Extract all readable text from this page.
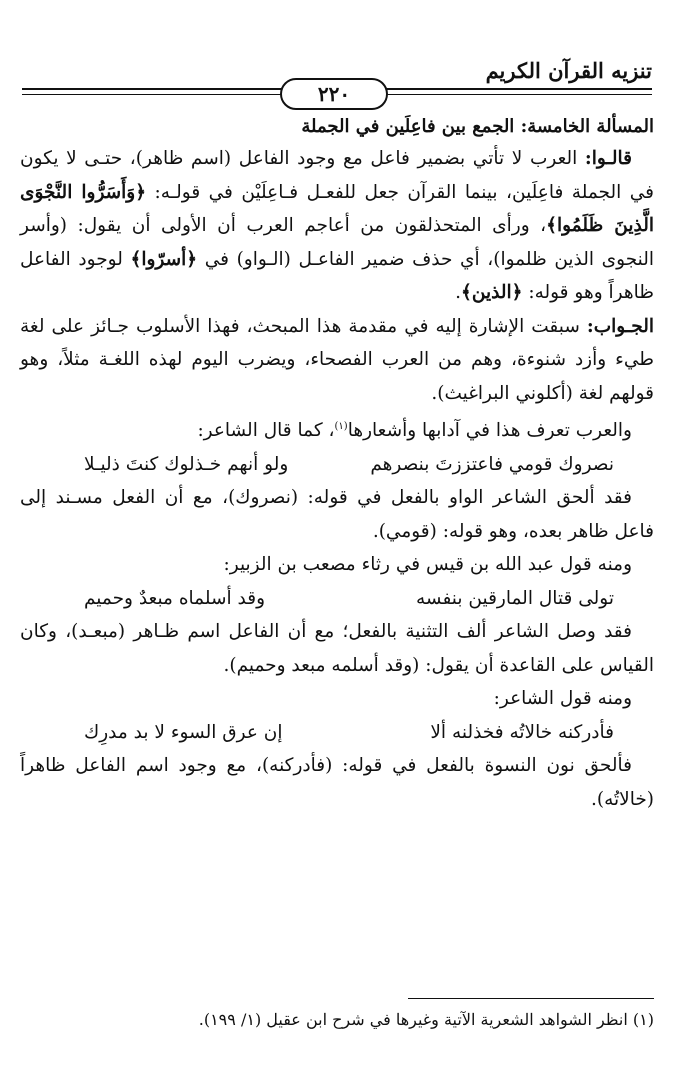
تنزيه القرآن الكريم
٢٢٠

المسألة الخامسة: الجمع بين فاعِلَين في الجملة

قالـوا: العرب لا تأتي بضمير فاعل مع وجود الفاعل (اسم ظاهر)، حتـى لا يكون في الجملة فاعِلَين، بينما القرآن جعل للفعـل فـاعِلَيْن في قولـه: ﴿وَأَسَرُّوا النَّجْوَى الَّذِينَ ظَلَمُوا﴾، ورأى المتحذلقون من أعاجم العرب أن الأولى أن يقول: (وأسر النجوى الذين ظلموا)، أي حذف ضمير الفاعـل (الـواو) في ﴿أسرّوا﴾ لوجود الفاعل ظاهراً وهو قوله: ﴿الذين﴾.

الجـواب: سبقت الإشارة إليه في مقدمة هذا المبحث، فهذا الأسلوب جـائز على لغة طيء وأزد شنوءة، وهم من العرب الفصحاء، ويضرب اليوم لهذه اللغـة مثلاً، وهو قولهم لغة (أكلوني البراغيث).

والعرب تعرف هذا في آدابها وأشعارها$^{(١)}$، كما قال الشاعر:

نصروك قومي فاعتززتَ بنصرهم
ولو أنهم خـذلوك كنتَ ذليـلا

فقد ألحق الشاعر الواو بالفعل في قوله: (نصروك)، مع أن الفعل مسـند إلى فاعل ظاهر بعده، وهو قوله: (قومي).

ومنه قول عبد الله بن قيس في رثاء مصعب بن الزبير:

تولى قتال المارقين بنفسه
وقد أسلماه مبعدٌ وحميم

فقد وصل الشاعر ألف التثنية بالفعل؛ مع أن الفاعل اسم ظـاهر (مبعـد)، وكان القياس على القاعدة أن يقول: (وقد أسلمه مبعد وحميم).

ومنه قول الشاعر:

فأدركنه خالاتُه فخذلنه ألا
إن عرق السوء لا بد مدرِك

فألحق نون النسوة بالفعل في قوله: (فأدركنه)، مع وجود اسم الفاعل ظاهراً (خالاتُه).

(١) انظر الشواهد الشعرية الآتية وغيرها في شرح ابن عقيل (١/ ١٩٩).
